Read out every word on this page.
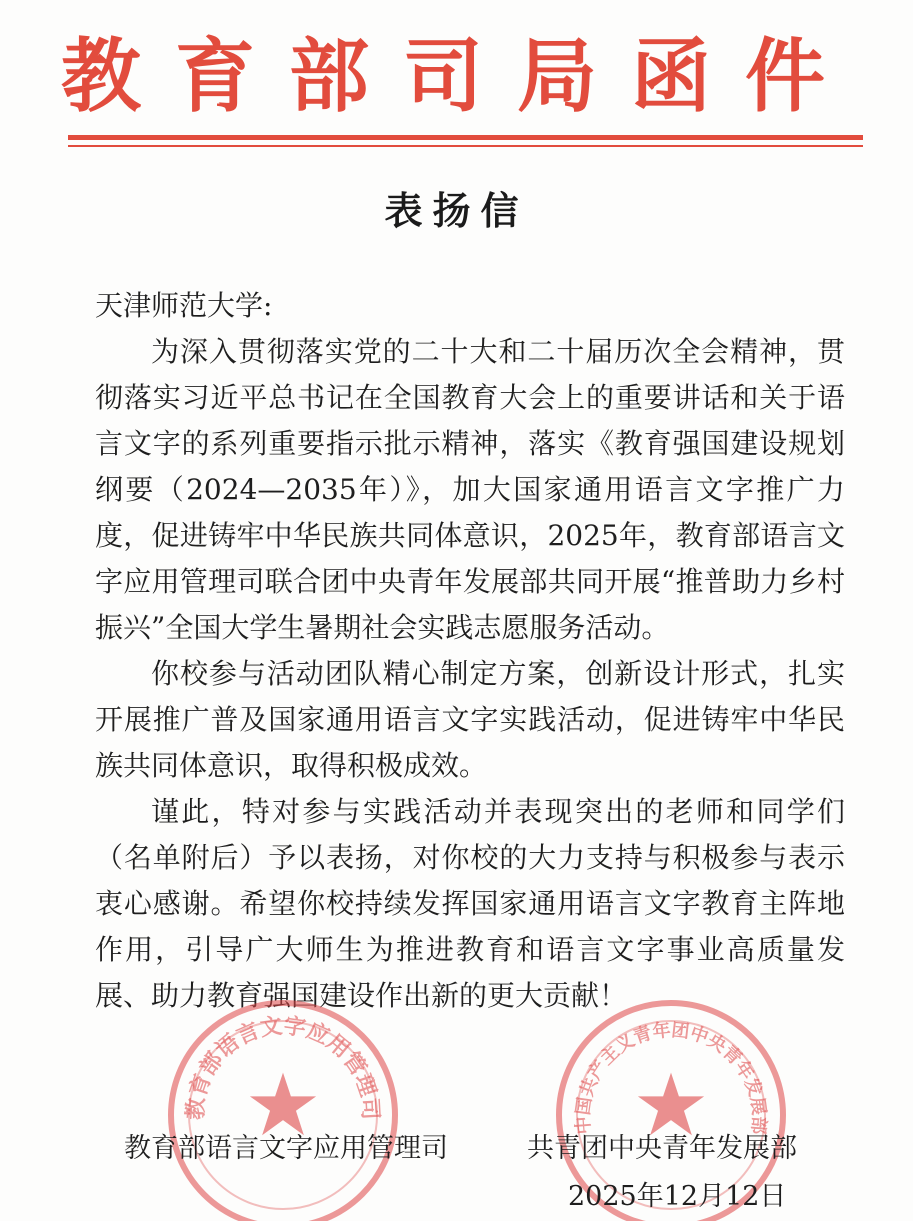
教育部司局函件
表扬信

天津师范大学:

为深入贯彻落实党的二十大和二十届历次全会精神，贯彻落实习近平总书记在全国教育大会上的重要讲话和关于语言文字的系列重要指示批示精神，落实《教育强国建设规划纲要（2024—2035年）》，加大国家通用语言文字推广力度，促进铸牢中华民族共同体意识，2025年，教育部语言文字应用管理司联合团中央青年发展部共同开展“推普助力乡村振兴”全国大学生暑期社会实践志愿服务活动。

你校参与活动团队精心制定方案，创新设计形式，扎实开展推广普及国家通用语言文字实践活动，促进铸牢中华民族共同体意识，取得积极成效。

谨此，特对参与实践活动并表现突出的老师和同学们（名单附后）予以表扬，对你校的大力支持与积极参与表示衷心感谢。希望你校持续发挥国家通用语言文字教育主阵地作用，引导广大师生为推进教育和语言文字事业高质量发展、助力教育强国建设作出新的更大贡献！

教育部语言文字应用管理司
中国共产主义青年团中央青年发展部
教育部语言文字应用管理司	共青团中央青年发展部
2025年12月12日
